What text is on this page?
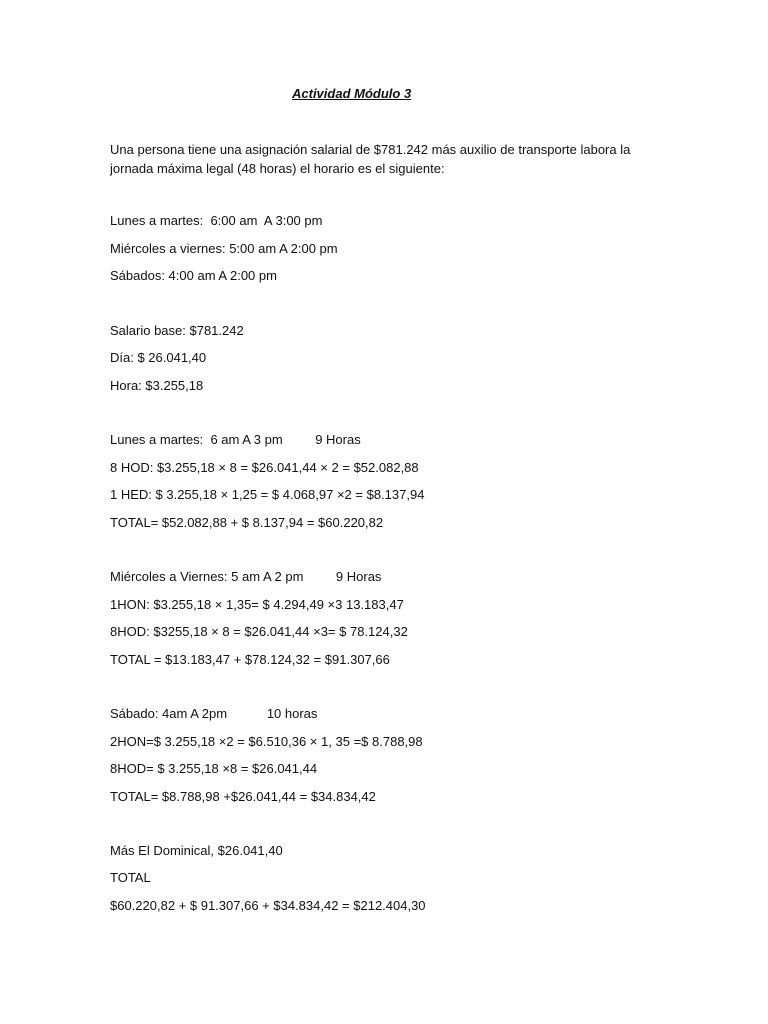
Actividad Módulo 3
Una persona tiene una asignación salarial de $781.242 más auxilio de transporte labora la jornada máxima legal (48 horas) el horario es el siguiente:
Lunes a martes:  6:00 am  A 3:00 pm
Miércoles a viernes: 5:00 am A 2:00 pm
Sábados: 4:00 am A 2:00 pm
Salario base: $781.242
Día: $ 26.041,40
Hora: $3.255,18
Lunes a martes:  6 am A 3 pm         9 Horas
8 HOD: $3.255,18 × 8 = $26.041,44 × 2 = $52.082,88
1 HED: $ 3.255,18 × 1,25 = $ 4.068,97 ×2 = $8.137,94
TOTAL= $52.082,88 + $ 8.137,94 = $60.220,82
Miércoles a Viernes: 5 am A 2 pm         9 Horas
1HON: $3.255,18 × 1,35= $ 4.294,49 ×3 13.183,47
8HOD: $3255,18 × 8 = $26.041,44 ×3= $ 78.124,32
TOTAL = $13.183,47 + $78.124,32 = $91.307,66
Sábado: 4am A 2pm           10 horas
2HON=$ 3.255,18 ×2 = $6.510,36 × 1, 35 =$ 8.788,98
8HOD= $ 3.255,18 ×8 = $26.041,44
TOTAL= $8.788,98 +$26.041,44 = $34.834,42
Más El Dominical, $26.041,40
TOTAL
$60.220,82 + $ 91.307,66 + $34.834,42 = $212.404,30
